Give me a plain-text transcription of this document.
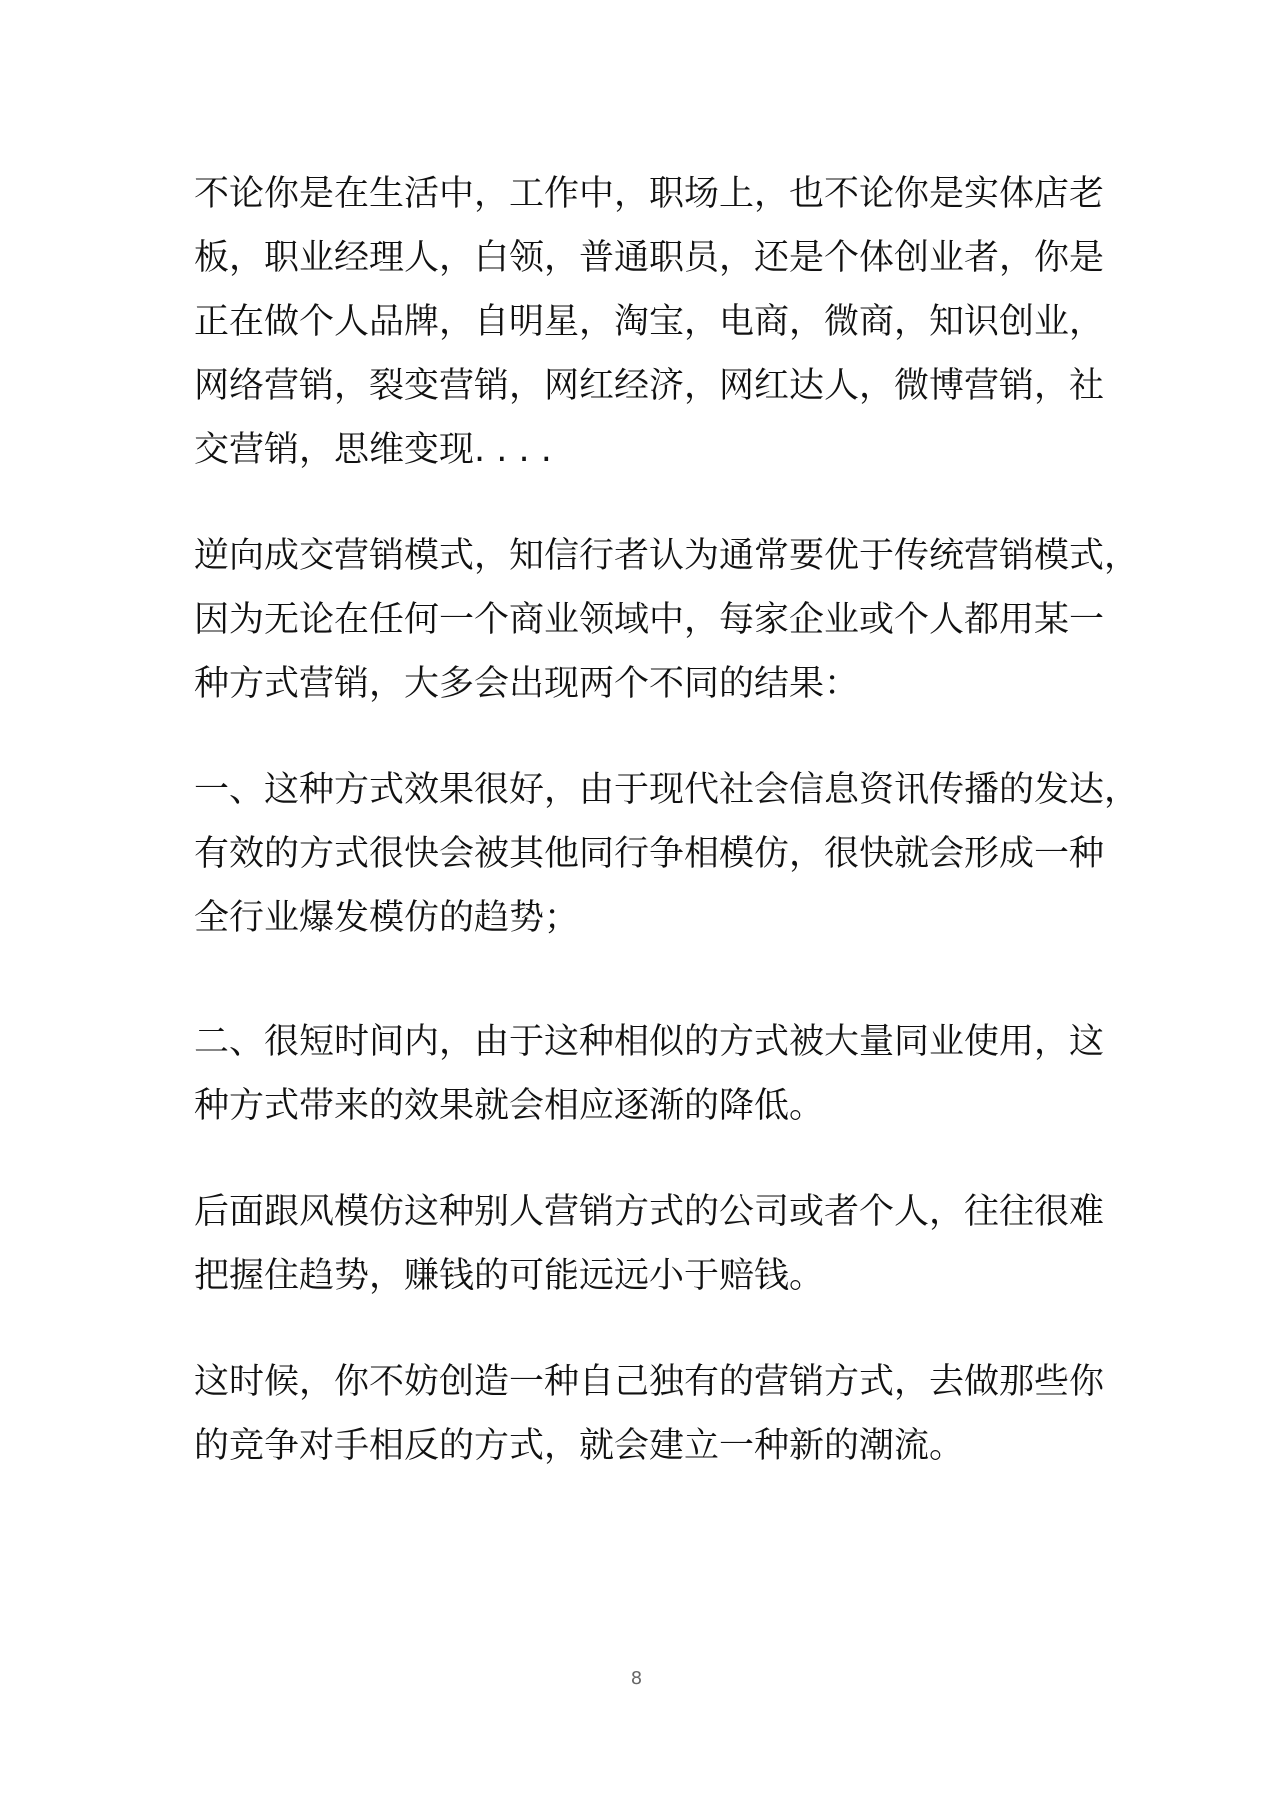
不论你是在生活中，工作中，职场上，也不论你是实体店老
板，职业经理人，白领，普通职员，还是个体创业者，你是
正在做个人品牌，自明星，淘宝，电商，微商，知识创业，
网络营销，裂变营销，网红经济，网红达人，微博营销，社
交营销，思维变现. . . .

逆向成交营销模式，知信行者认为通常要优于传统营销模式，
因为无论在任何一个商业领域中，每家企业或个人都用某一
种方式营销，大多会出现两个不同的结果：

一、这种方式效果很好，由于现代社会信息资讯传播的发达，
有效的方式很快会被其他同行争相模仿，很快就会形成一种
全行业爆发模仿的趋势；

二、很短时间内，由于这种相似的方式被大量同业使用，这
种方式带来的效果就会相应逐渐的降低。

后面跟风模仿这种别人营销方式的公司或者个人，往往很难
把握住趋势，赚钱的可能远远小于赔钱。

这时候，你不妨创造一种自己独有的营销方式，去做那些你
的竞争对手相反的方式，就会建立一种新的潮流。

8
